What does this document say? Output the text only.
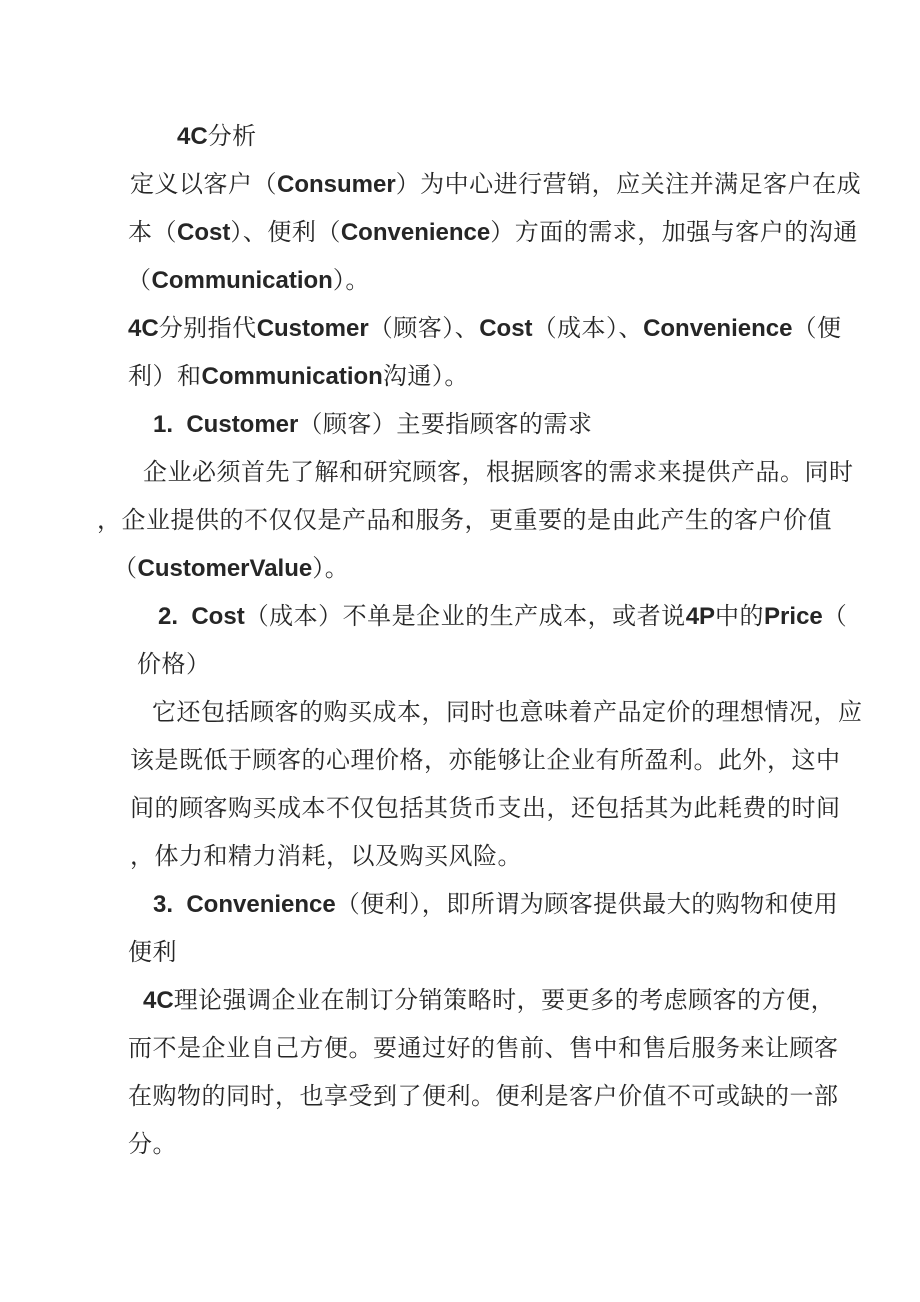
4C分析
定义以客户（Consumer）为中心进行营销，应关注并满足客户在成
本（Cost）、便利（Convenience）方面的需求，加强与客户的沟通
（Communication）。
4C分别指代Customer（顾客）、Cost（成本）、Convenience（便
利）和Communication沟通）。
1.  Customer（顾客）主要指顾客的需求
企业必须首先了解和研究顾客，根据顾客的需求来提供产品。同时
，企业提供的不仅仅是产品和服务，更重要的是由此产生的客户价值
（CustomerValue）。
2.  Cost（成本）不单是企业的生产成本，或者说4P中的Price（
价格）
它还包括顾客的购买成本，同时也意味着产品定价的理想情况，应
该是既低于顾客的心理价格，亦能够让企业有所盈利。此外，这中
间的顾客购买成本不仅包括其货币支出，还包括其为此耗费的时间
，体力和精力消耗，以及购买风险。
3.  Convenience（便利），即所谓为顾客提供最大的购物和使用
便利
4C理论强调企业在制订分销策略时，要更多的考虑顾客的方便，
而不是企业自己方便。要通过好的售前、售中和售后服务来让顾客
在购物的同时，也享受到了便利。便利是客户价值不可或缺的一部
分。
